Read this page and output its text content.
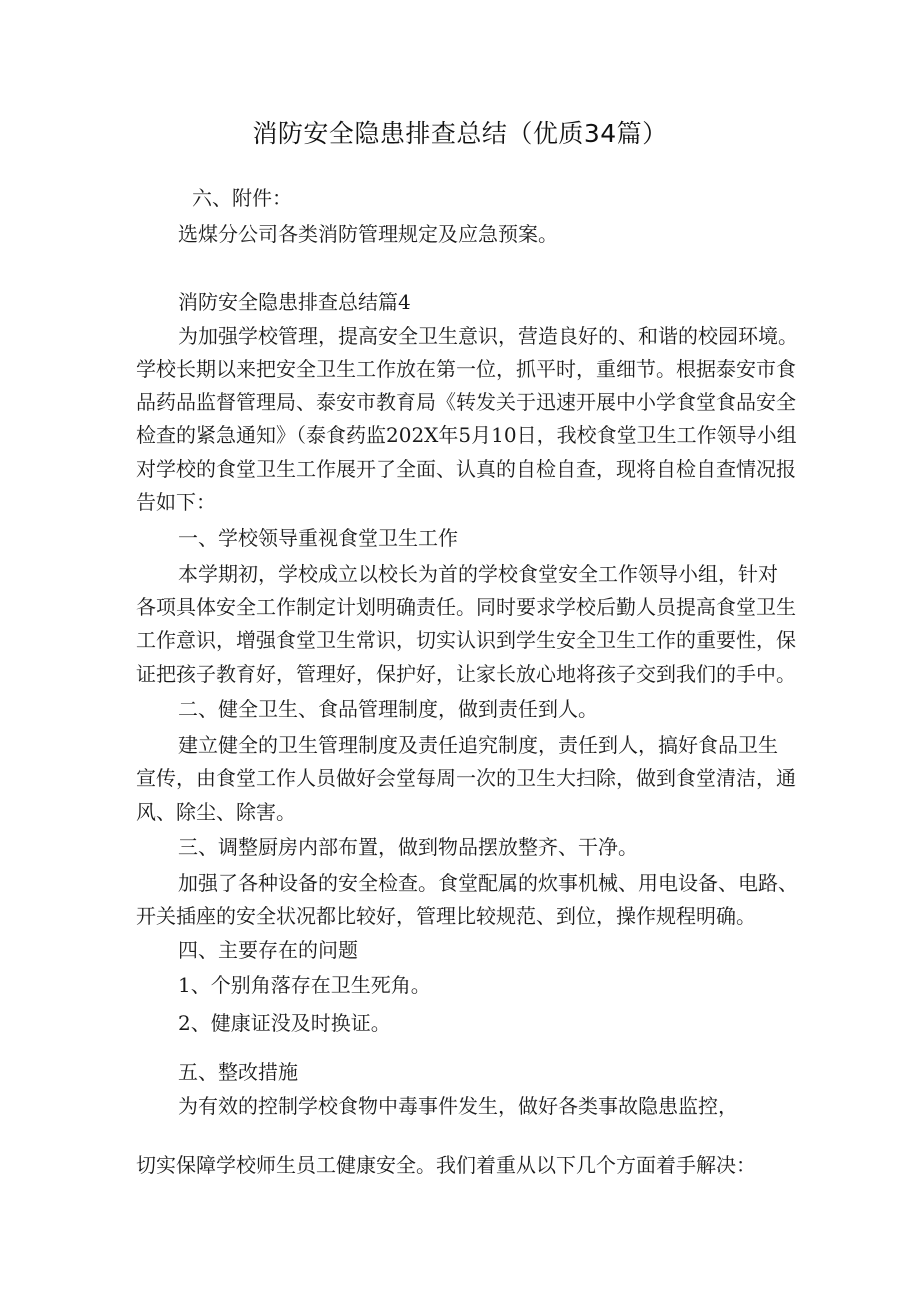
消防安全隐患排查总结（优质34篇）

六、附件：

选煤分公司各类消防管理规定及应急预案。

消防安全隐患排查总结篇4

为加强学校管理，提高安全卫生意识，营造良好的、和谐的校园环境。

学校长期以来把安全卫生工作放在第一位，抓平时，重细节。根据泰安市食

品药品监督管理局、泰安市教育局《转发关于迅速开展中小学食堂食品安全

检查的紧急通知》（泰食药监202X年5月10日，我校食堂卫生工作领导小组

对学校的食堂卫生工作展开了全面、认真的自检自查，现将自检自查情况报

告如下：

一、学校领导重视食堂卫生工作

本学期初，学校成立以校长为首的学校食堂安全工作领导小组，针对

各项具体安全工作制定计划明确责任。同时要求学校后勤人员提高食堂卫生

工作意识，增强食堂卫生常识，切实认识到学生安全卫生工作的重要性，保

证把孩子教育好，管理好，保护好，让家长放心地将孩子交到我们的手中。

二、健全卫生、食品管理制度，做到责任到人。

建立健全的卫生管理制度及责任追究制度，责任到人，搞好食品卫生

宣传，由食堂工作人员做好会堂每周一次的卫生大扫除，做到食堂清洁，通

风、除尘、除害。

三、调整厨房内部布置，做到物品摆放整齐、干净。

加强了各种设备的安全检查。食堂配属的炊事机械、用电设备、电路、

开关插座的安全状况都比较好，管理比较规范、到位，操作规程明确。

四、主要存在的问题

1、个别角落存在卫生死角。

2、健康证没及时换证。

五、整改措施

为有效的控制学校食物中毒事件发生，做好各类事故隐患监控，

切实保障学校师生员工健康安全。我们着重从以下几个方面着手解决：
